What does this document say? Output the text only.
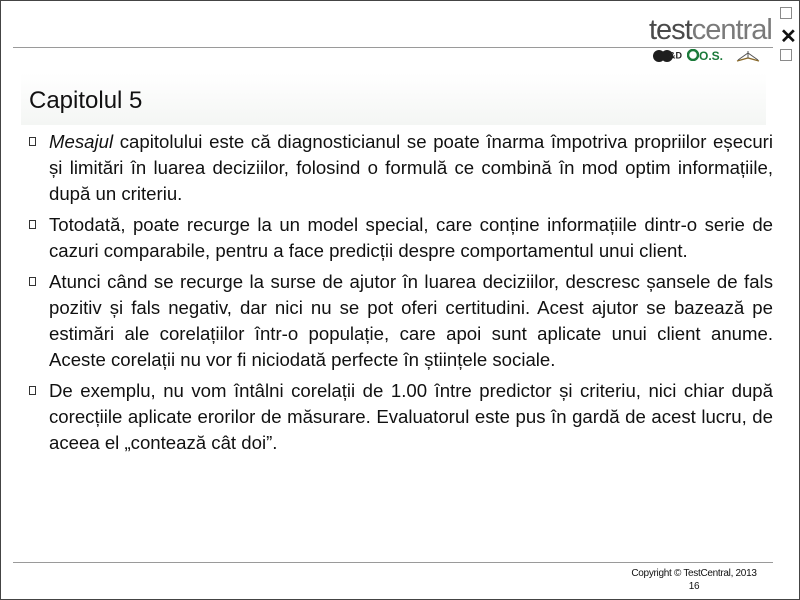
testcentral
&D	O.S.
✕
Capitolul 5
Mesajul capitolului este că diagnosticianul se poate înarma împotriva propriilor eșecuri și limitări în luarea deciziilor, folosind o formulă ce combină în mod optim informațiile, după un criteriu.
Totodată, poate recurge la un model special, care conține informațiile dintr-o serie de cazuri comparabile, pentru a face predicții despre comportamentul unui client.
Atunci când se recurge la surse de ajutor în luarea deciziilor, descresc șansele de fals pozitiv și fals negativ, dar nici nu se pot oferi certitudini. Acest ajutor se bazează pe estimări ale corelațiilor într-o populație, care apoi sunt aplicate unui client anume. Aceste corelații nu vor fi niciodată perfecte în științele sociale.
De exemplu, nu vom întâlni corelații de 1.00 între predictor și criteriu, nici chiar după corecțiile aplicate erorilor de măsurare. Evaluatorul este pus în gardă de acest lucru, de aceea el „contează cât doi”.
Copyright © TestCentral, 2013
16
